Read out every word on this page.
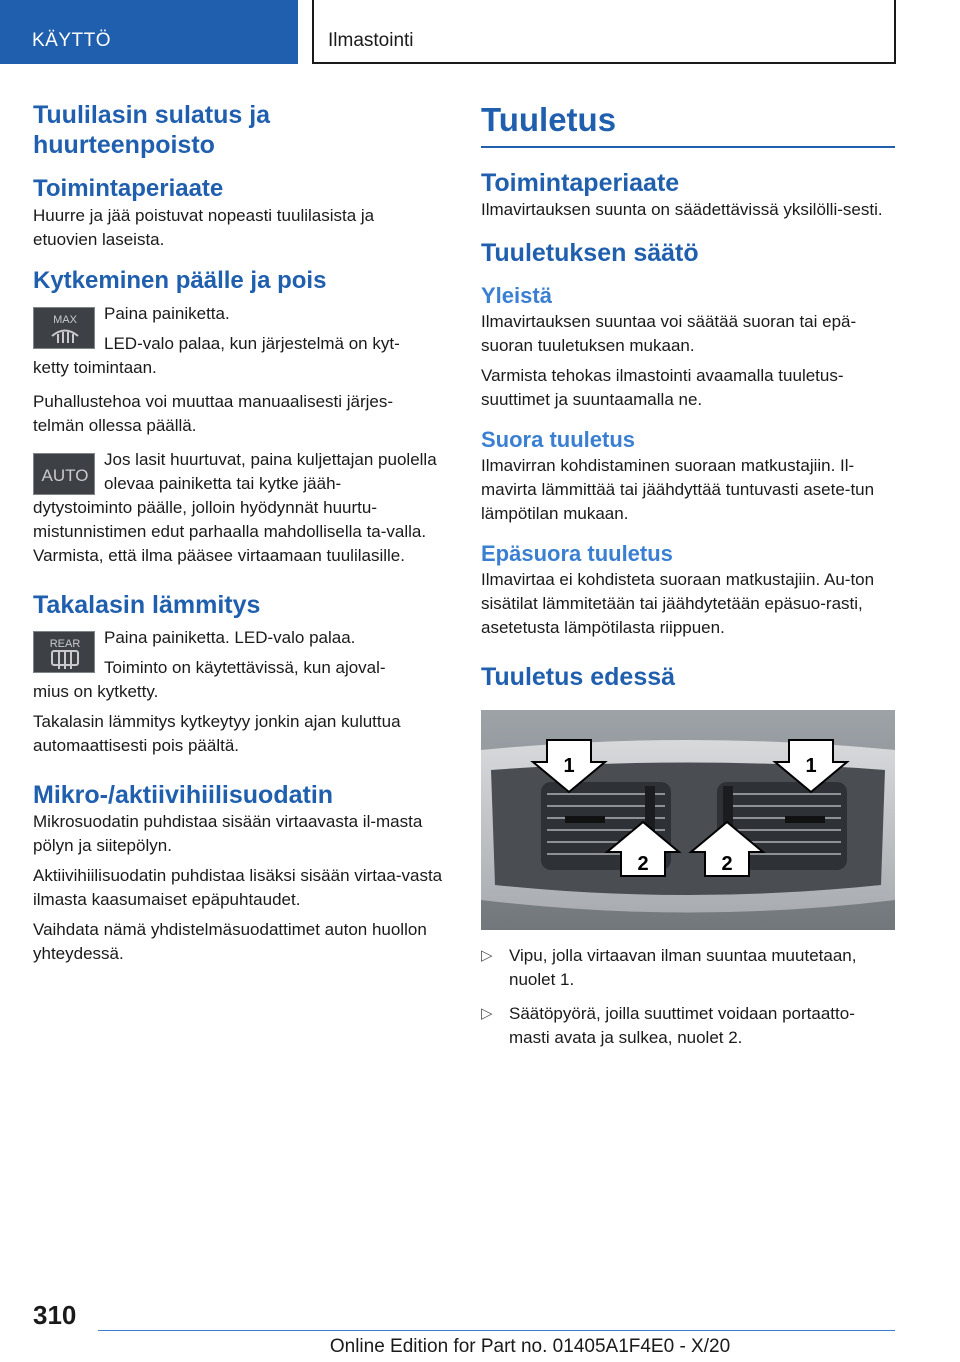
KÄYTTÖ	Ilmastointi
Tuulilasin sulatus ja huurteenpoisto
Toimintaperiaate

Huurre ja jää poistuvat nopeasti tuulilasista ja etuovien laseista.

Kytkeminen päälle ja pois
MAX Paina painiketta.

LED-valo palaa, kun järjestelmä on kyt-

ketty toimintaan.

Puhallustehoa voi muuttaa manuaalisesti järjes-telmän ollessa päällä.

AUTO

Jos lasit huurtuvat, paina kuljettajan puolella olevaa painiketta tai kytke jääh-

dytystoiminto päälle, jolloin hyödynnät huurtu-mistunnistimen edut parhaalla mahdollisella ta-valla. Varmista, että ilma pääsee virtaamaan tuulilasille.

Takalasin lämmitys
REAR Paina painiketta. LED-valo palaa.

Toiminto on käytettävissä, kun ajoval-

mius on kytketty.

Takalasin lämmitys kytkeytyy jonkin ajan kuluttua automaattisesti pois päältä.

Mikro-/aktiivihiilisuodatin

Mikrosuodatin puhdistaa sisään virtaavasta il-masta pölyn ja siitepölyn.

Aktiivihiilisuodatin puhdistaa lisäksi sisään virtaa-vasta ilmasta kaasumaiset epäpuhtaudet.

Vaihdata nämä yhdistelmäsuodattimet auton huollon yhteydessä.

Tuuletus
Toimintaperiaate

Ilmavirtauksen suunta on säädettävissä yksilölli-sesti.

Tuuletuksen säätö
Yleistä

Ilmavirtauksen suuntaa voi säätää suoran tai epä-suoran tuuletuksen mukaan.

Varmista tehokas ilmastointi avaamalla tuuletus-suuttimet ja suuntaamalla ne.

Suora tuuletus

Ilmavirran kohdistaminen suoraan matkustajiin. Il-mavirta lämmittää tai jäähdyttää tuntuvasti asete-tun lämpötilan mukaan.

Epäsuora tuuletus

Ilmavirtaa ei kohdisteta suoraan matkustajiin. Au-ton sisätilat lämmitetään tai jäähdytetään epäsuo-rasti, asetetusta lämpötilasta riippuen.

Tuuletus edessä
1	1
2	2
▷ Vipu, jolla virtaavan ilman suuntaa muutetaan, nuolet 1.
▷ Säätöpyörä, joilla suuttimet voidaan portaatto-masti avata ja sulkea, nuolet 2.
310
Online Edition for Part no. 01405A1F4E0 - X/20
